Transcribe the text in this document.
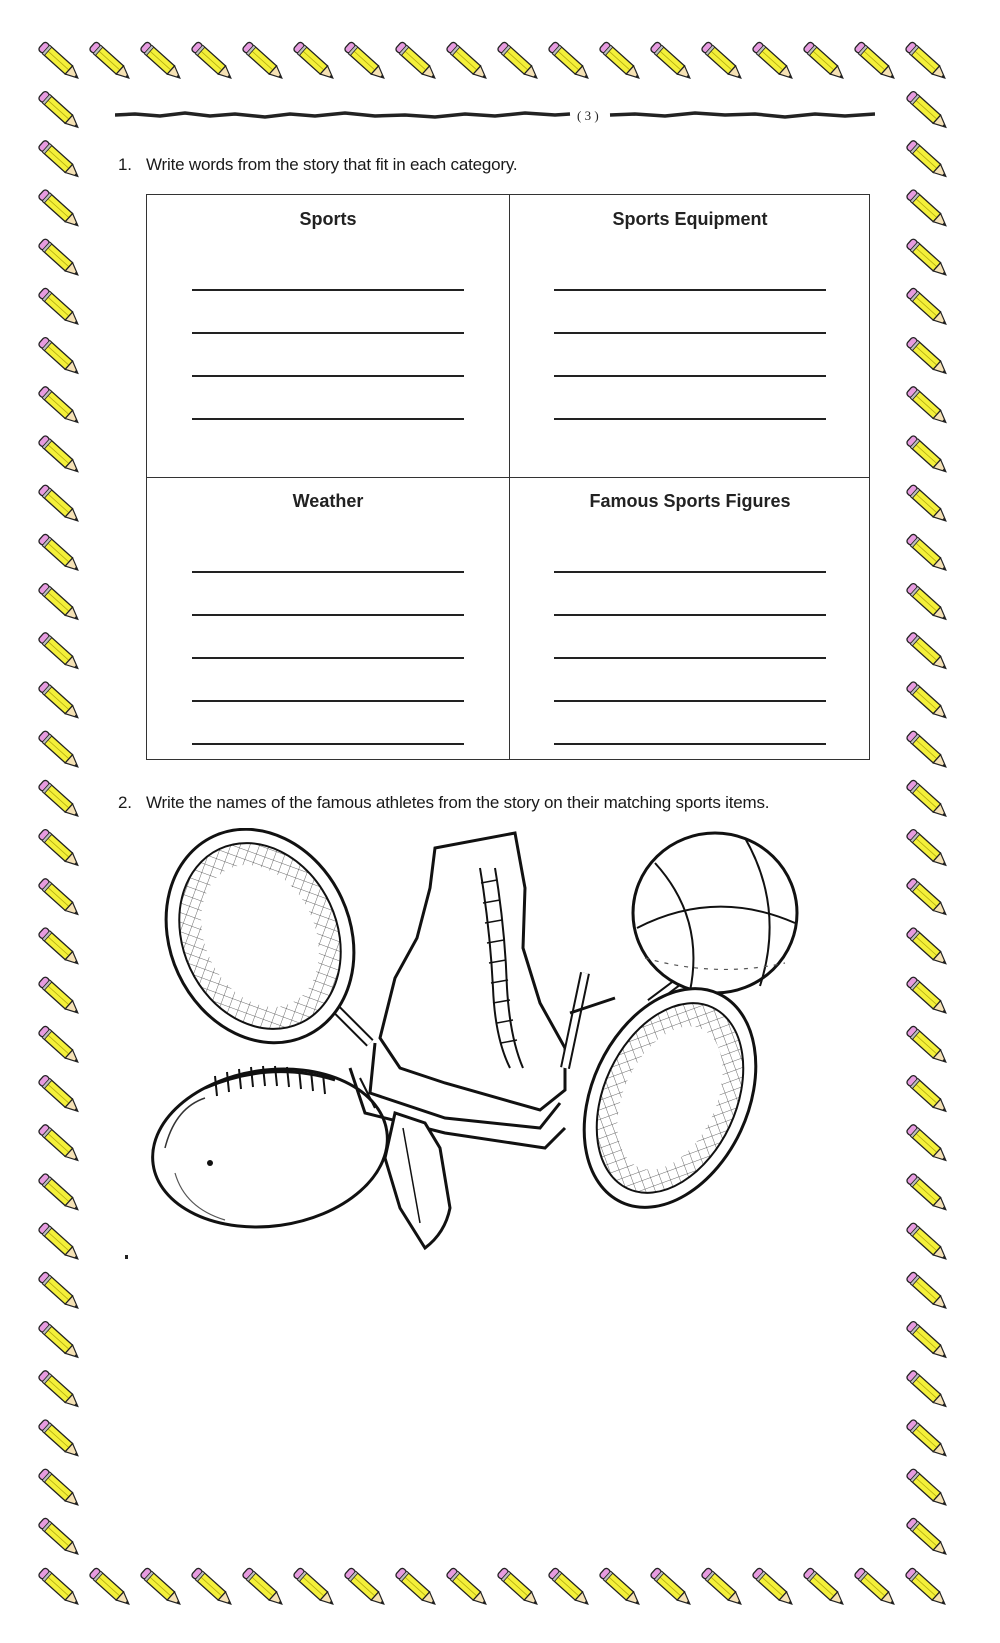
( 3 )
1. Write words from the story that fit in each category.
Sports	Sports Equipment
Weather	Famous Sports Figures
2. Write the names of the famous athletes from the story on their matching sports items.
